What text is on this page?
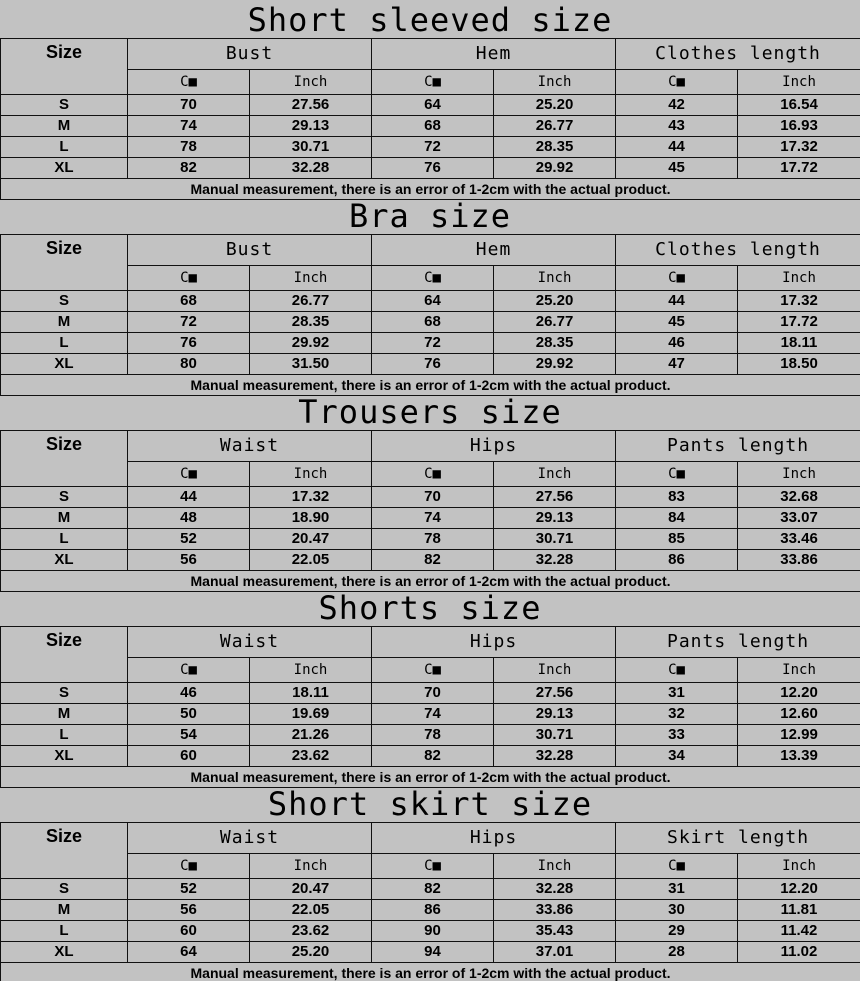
Short sleeved size
Size	Bust		Hem		Clothes length	
	C■	Inch	C■	Inch	C■	Inch
S	70	27.56	64	25.20	42	16.54
M	74	29.13	68	26.77	43	16.93
L	78	30.71	72	28.35	44	17.32
XL	82	32.28	76	29.92	45	17.72
Manual measurement, there is an error of 1-2cm with the actual product.						
Bra size
Size	Bust		Hem		Clothes length	
	C■	Inch	C■	Inch	C■	Inch
S	68	26.77	64	25.20	44	17.32
M	72	28.35	68	26.77	45	17.72
L	76	29.92	72	28.35	46	18.11
XL	80	31.50	76	29.92	47	18.50
Manual measurement, there is an error of 1-2cm with the actual product.						
Trousers size
Size	Waist		Hips		Pants length	
	C■	Inch	C■	Inch	C■	Inch
S	44	17.32	70	27.56	83	32.68
M	48	18.90	74	29.13	84	33.07
L	52	20.47	78	30.71	85	33.46
XL	56	22.05	82	32.28	86	33.86
Manual measurement, there is an error of 1-2cm with the actual product.						
Shorts size
Size	Waist		Hips		Pants length	
	C■	Inch	C■	Inch	C■	Inch
S	46	18.11	70	27.56	31	12.20
M	50	19.69	74	29.13	32	12.60
L	54	21.26	78	30.71	33	12.99
XL	60	23.62	82	32.28	34	13.39
Manual measurement, there is an error of 1-2cm with the actual product.						
Short skirt size
Size	Waist		Hips		Skirt length	
	C■	Inch	C■	Inch	C■	Inch
S	52	20.47	82	32.28	31	12.20
M	56	22.05	86	33.86	30	11.81
L	60	23.62	90	35.43	29	11.42
XL	64	25.20	94	37.01	28	11.02
Manual measurement, there is an error of 1-2cm with the actual product.						
